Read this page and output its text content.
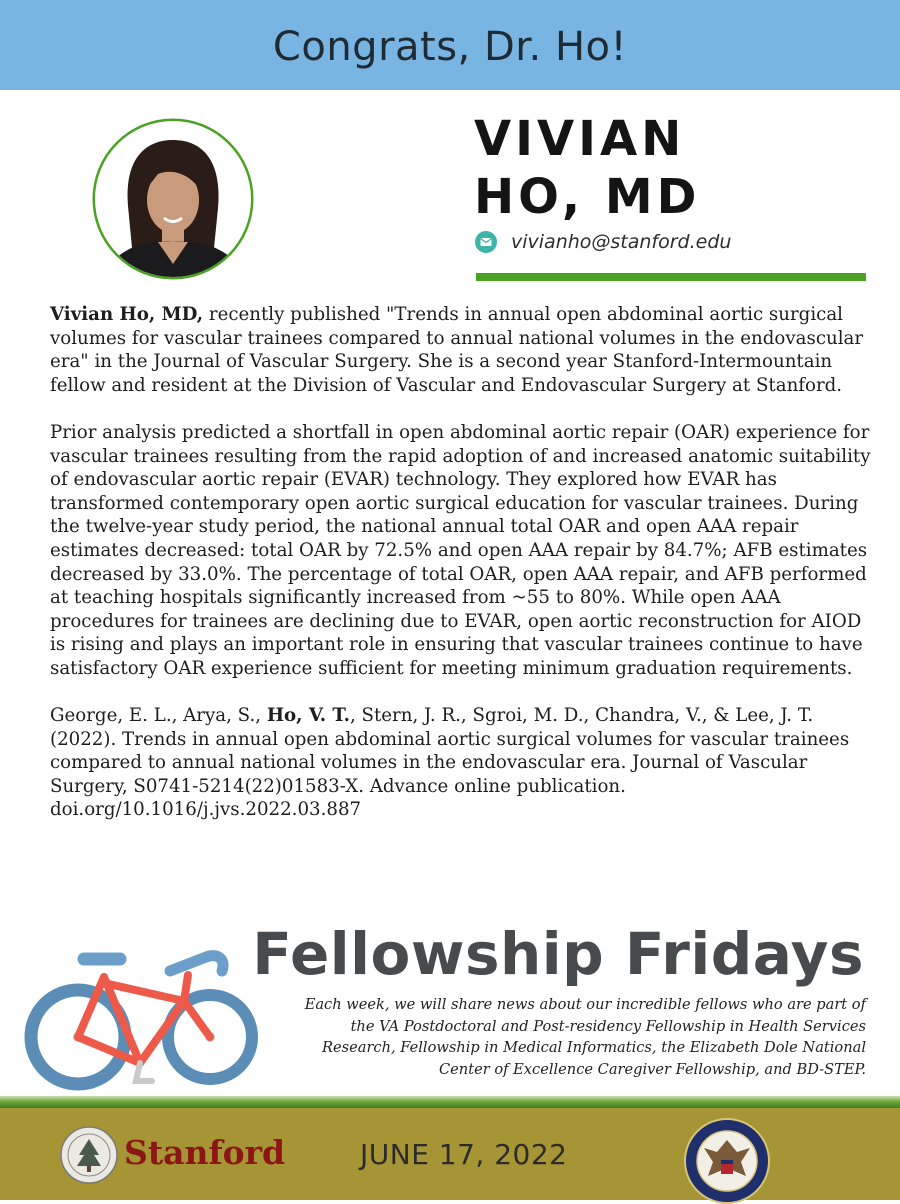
Congrats, Dr. Ho!
VIVIAN
HO, MD
vivianho@stanford.edu

Vivian Ho, MD, recently published "Trends in annual open abdominal aortic surgical volumes for vascular trainees compared to annual national volumes in the endovascular era" in the Journal of Vascular Surgery. She is a second year Stanford-Intermountain fellow and resident at the Division of Vascular and Endovascular Surgery at Stanford.

Prior analysis predicted a shortfall in open abdominal aortic repair (OAR) experience for vascular trainees resulting from the rapid adoption of and increased anatomic suitability of endovascular aortic repair (EVAR) technology. They explored how EVAR has transformed contemporary open aortic surgical education for vascular trainees. During the twelve-year study period, the national annual total OAR and open AAA repair estimates decreased: total OAR by 72.5% and open AAA repair by 84.7%; AFB estimates decreased by 33.0%. The percentage of total OAR, open AAA repair, and AFB performed at teaching hospitals significantly increased from ~55 to 80%. While open AAA procedures for trainees are declining due to EVAR, open aortic reconstruction for AIOD is rising and plays an important role in ensuring that vascular trainees continue to have satisfactory OAR experience sufficient for meeting minimum graduation requirements.

George, E. L., Arya, S., Ho, V. T., Stern, J. R., Sgroi, M. D., Chandra, V., & Lee, J. T. (2022). Trends in annual open abdominal aortic surgical volumes for vascular trainees compared to annual national volumes in the endovascular era. Journal of Vascular Surgery, S0741-5214(22)01583-X. Advance online publication. doi.org/10.1016/j.jvs.2022.03.887

Fellowship Fridays
Each week, we will share news about our incredible fellows who are part of the VA Postdoctoral and Post-residency Fellowship in Health Services Research, Fellowship in Medical Informatics, the Elizabeth Dole National Center of Excellence Caregiver Fellowship, and BD-STEP.
Stanford	JUNE 17, 2022
